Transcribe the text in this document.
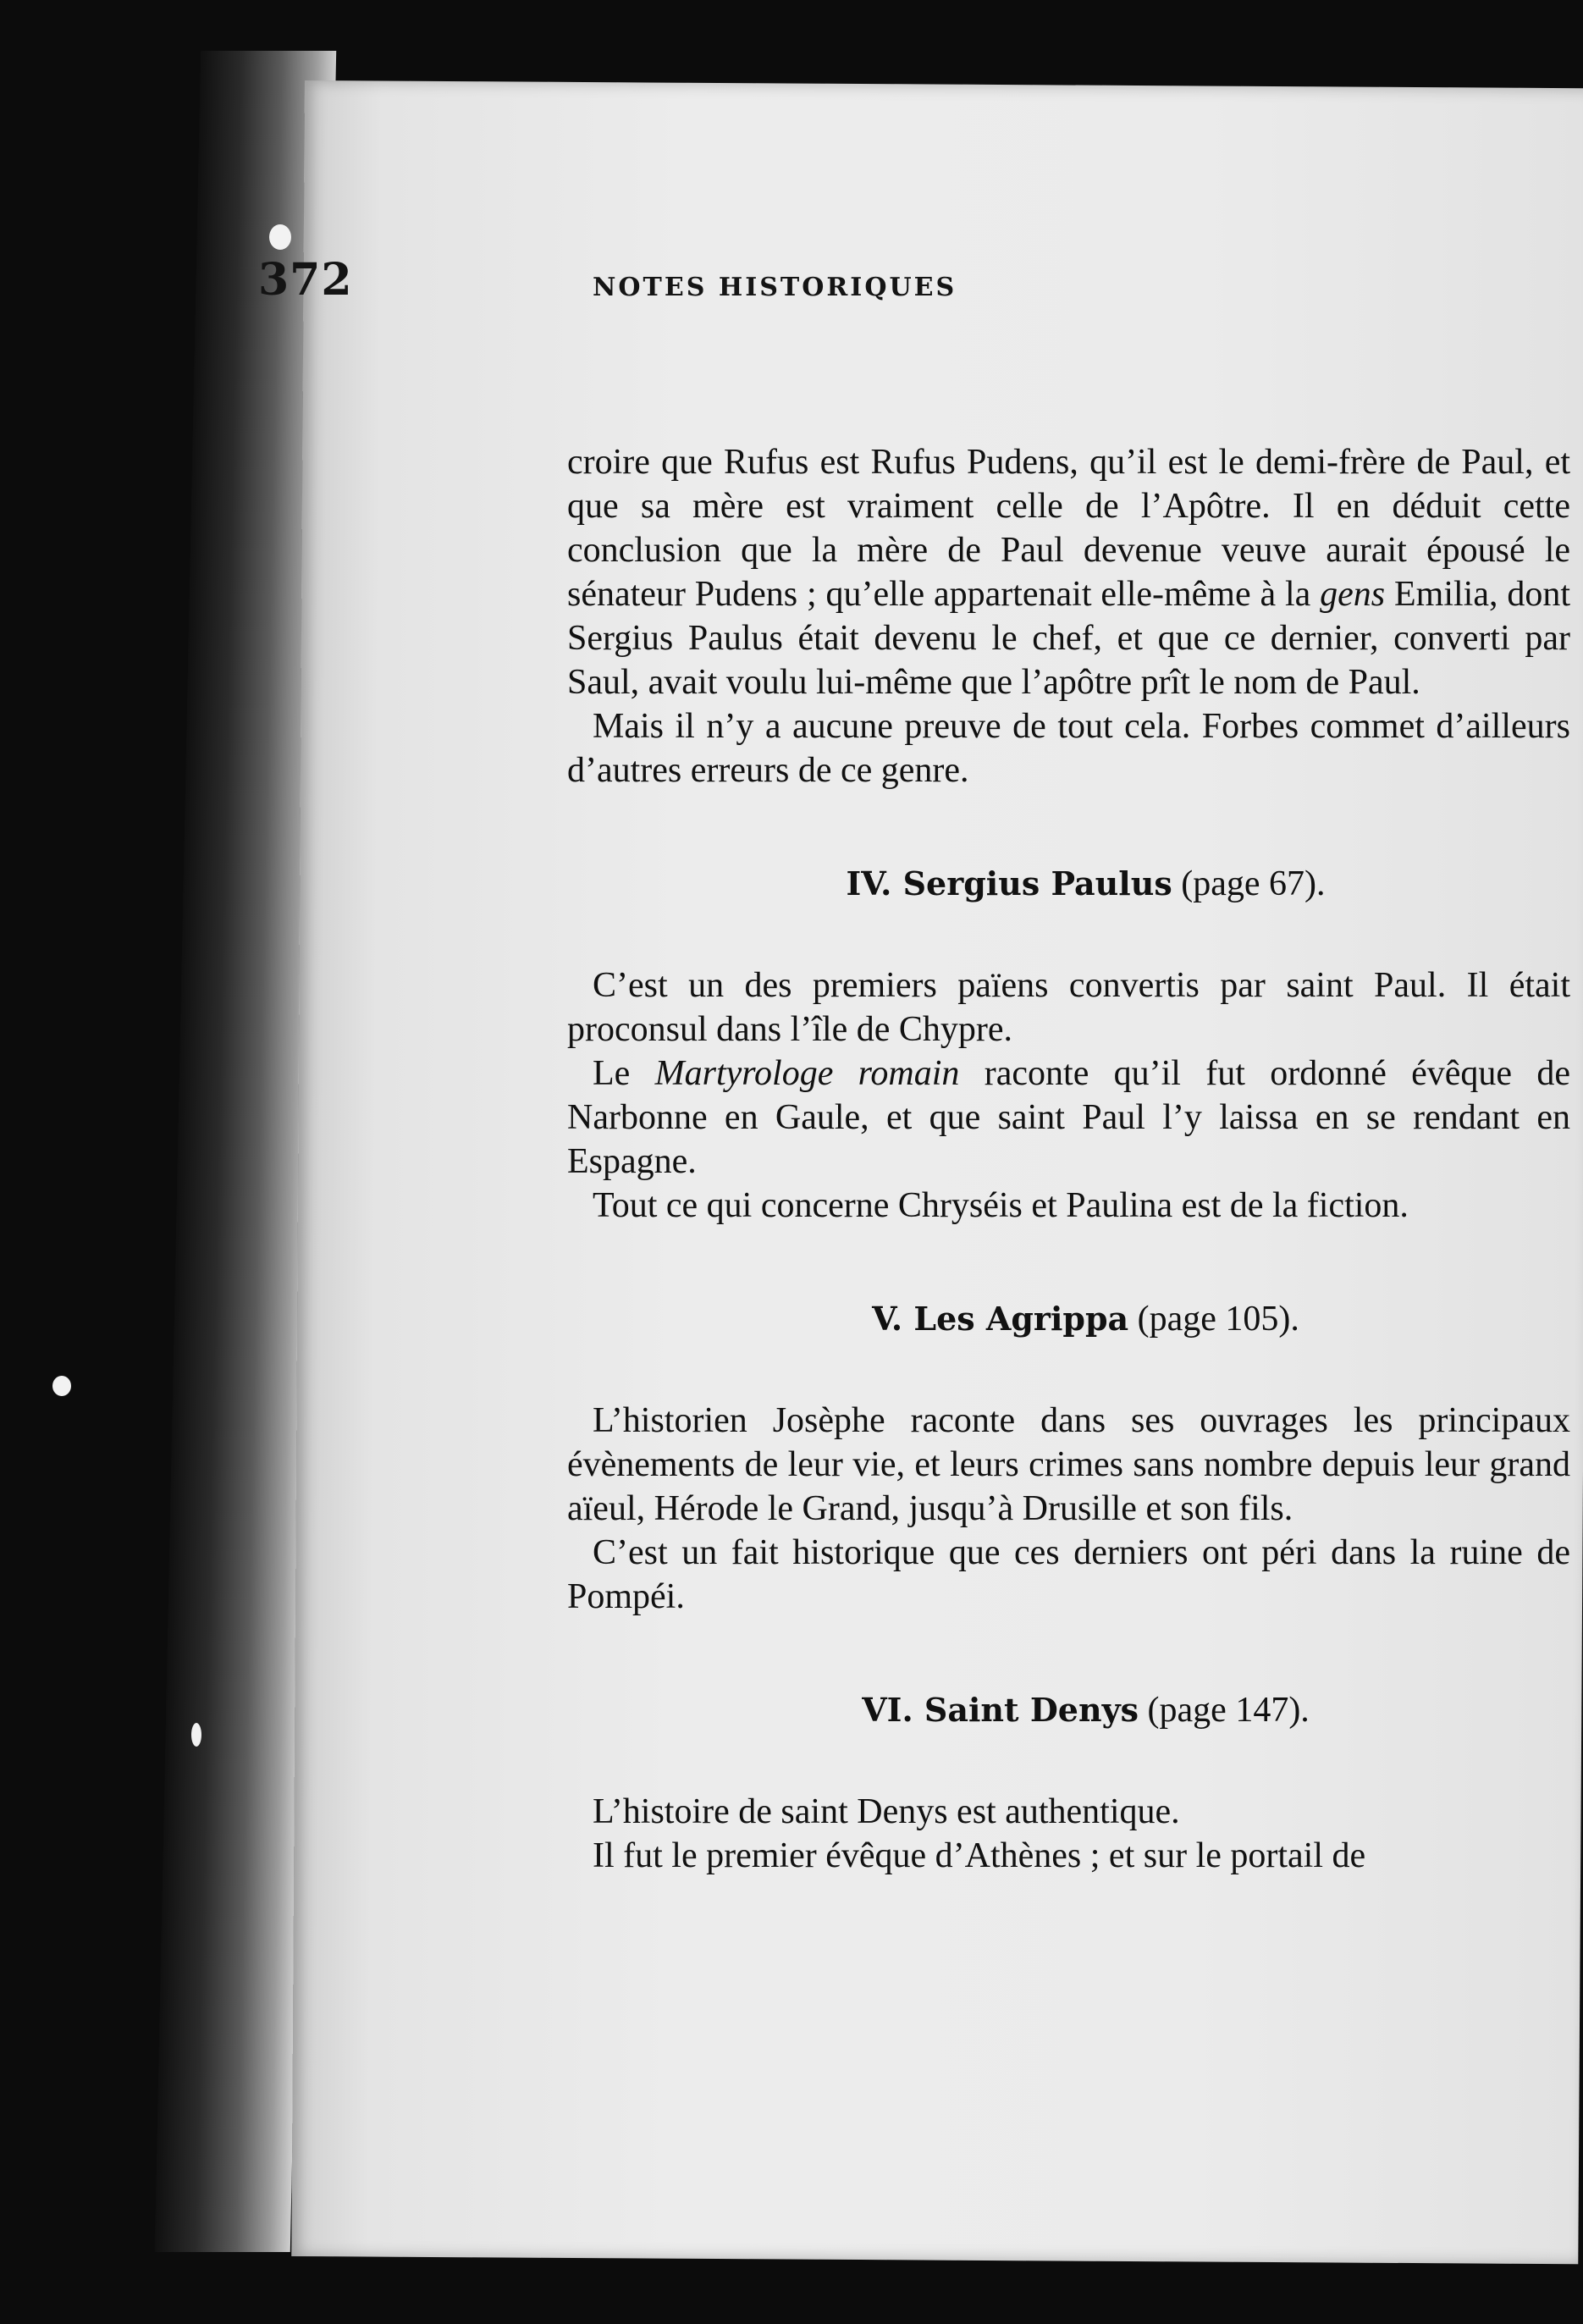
372	NOTES HISTORIQUES

croire que Rufus est Rufus Pudens, qu’il est le demi-frère de Paul, et que sa mère est vraiment celle de l’Apôtre. Il en déduit cette conclusion que la mère de Paul devenue veuve aurait épousé le sénateur Pudens ; qu’elle appartenait elle-même à la gens Emilia, dont Sergius Paulus était devenu le chef, et que ce dernier, converti par Saul, avait voulu lui-même que l’apôtre prît le nom de Paul.

Mais il n’y a aucune preuve de tout cela. Forbes commet d’ailleurs d’autres erreurs de ce genre.

IV. Sergius Paulus (page 67).

C’est un des premiers païens convertis par saint Paul. Il était proconsul dans l’île de Chypre.

Le Martyrologe romain raconte qu’il fut ordonné évêque de Narbonne en Gaule, et que saint Paul l’y laissa en se rendant en Espagne.

Tout ce qui concerne Chryséis et Paulina est de la fiction.

V. Les Agrippa (page 105).

L’historien Josèphe raconte dans ses ouvrages les principaux évènements de leur vie, et leurs crimes sans nombre depuis leur grand aïeul, Hérode le Grand, jusqu’à Drusille et son fils.

C’est un fait historique que ces derniers ont péri dans la ruine de Pompéi.

VI. Saint Denys (page 147).

L’histoire de saint Denys est authentique.

Il fut le premier évêque d’Athènes ; et sur le portail de
